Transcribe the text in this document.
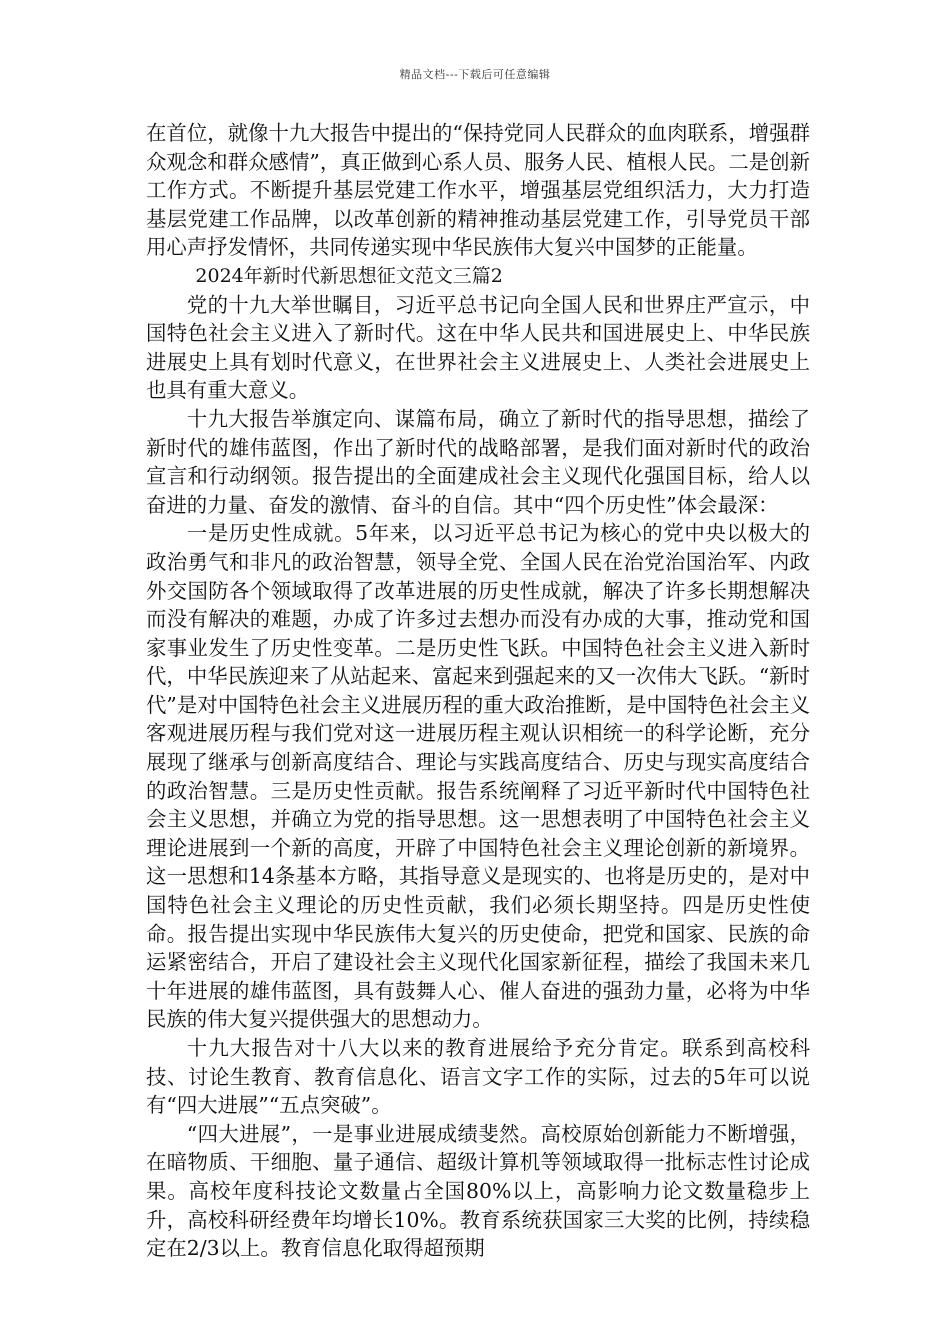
精品文档---下载后可任意编辑

在首位，就像十九大报告中提出的“保持党同人民群众的血肉联系，增强群众观念和群众感情”，真正做到心系人员、服务人民、植根人民。二是创新工作方式。不断提升基层党建工作水平，增强基层党组织活力，大力打造基层党建工作品牌，以改革创新的精神推动基层党建工作，引导党员干部用心声抒发情怀，共同传递实现中华民族伟大复兴中国梦的正能量。

2024年新时代新思想征文范文三篇2

党的十九大举世瞩目，习近平总书记向全国人民和世界庄严宣示，中国特色社会主义进入了新时代。这在中华人民共和国进展史上、中华民族进展史上具有划时代意义，在世界社会主义进展史上、人类社会进展史上也具有重大意义。

十九大报告举旗定向、谋篇布局，确立了新时代的指导思想，描绘了新时代的雄伟蓝图，作出了新时代的战略部署，是我们面对新时代的政治宣言和行动纲领。报告提出的全面建成社会主义现代化强国目标，给人以奋进的力量、奋发的激情、奋斗的自信。其中“四个历史性”体会最深：

一是历史性成就。5年来，以习近平总书记为核心的党中央以极大的政治勇气和非凡的政治智慧，领导全党、全国人民在治党治国治军、内政外交国防各个领域取得了改革进展的历史性成就，解决了许多长期想解决而没有解决的难题，办成了许多过去想办而没有办成的大事，推动党和国家事业发生了历史性变革。二是历史性飞跃。中国特色社会主义进入新时代，中华民族迎来了从站起来、富起来到强起来的又一次伟大飞跃。“新时代”是对中国特色社会主义进展历程的重大政治推断，是中国特色社会主义客观进展历程与我们党对这一进展历程主观认识相统一的科学论断，充分展现了继承与创新高度结合、理论与实践高度结合、历史与现实高度结合的政治智慧。三是历史性贡献。报告系统阐释了习近平新时代中国特色社会主义思想，并确立为党的指导思想。这一思想表明了中国特色社会主义理论进展到一个新的高度，开辟了中国特色社会主义理论创新的新境界。这一思想和14条基本方略，其指导意义是现实的、也将是历史的，是对中国特色社会主义理论的历史性贡献，我们必须长期坚持。四是历史性使命。报告提出实现中华民族伟大复兴的历史使命，把党和国家、民族的命运紧密结合，开启了建设社会主义现代化国家新征程，描绘了我国未来几十年进展的雄伟蓝图，具有鼓舞人心、催人奋进的强劲力量，必将为中华民族的伟大复兴提供强大的思想动力。

十九大报告对十八大以来的教育进展给予充分肯定。联系到高校科技、讨论生教育、教育信息化、语言文字工作的实际，过去的5年可以说有“四大进展”“五点突破”。

“四大进展”，一是事业进展成绩斐然。高校原始创新能力不断增强，在暗物质、干细胞、量子通信、超级计算机等领域取得一批标志性讨论成果。高校年度科技论文数量占全国80%以上，高影响力论文数量稳步上升，高校科研经费年均增长10%。教育系统获国家三大奖的比例，持续稳定在2/3以上。教育信息化取得超预期
